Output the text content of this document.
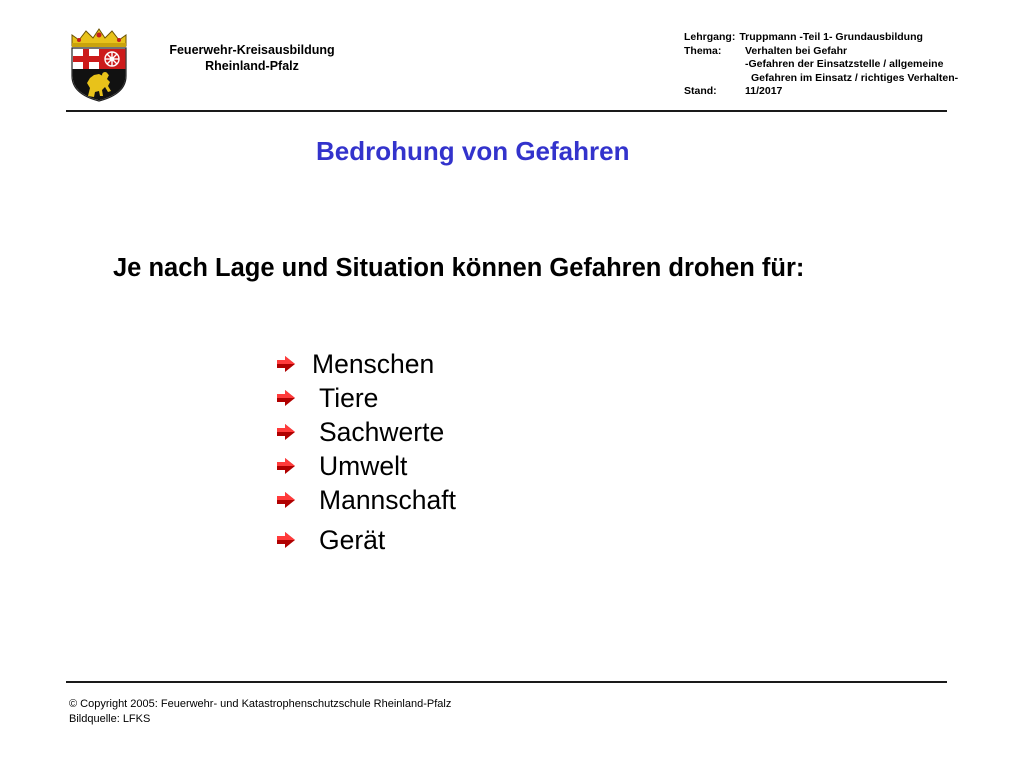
Feuerwehr-Kreisausbildung
Rheinland-Pfalz
Lehrgang: Truppmann -Teil 1- Grundausbildung
Thema:	Verhalten bei Gefahr
-Gefahren der Einsatzstelle / allgemeine
Gefahren im Einsatz / richtiges Verhalten-
Stand:	11/2017
Bedrohung von Gefahren
Je nach Lage und Situation können Gefahren drohen für:
Menschen
Tiere
Sachwerte
Umwelt
Mannschaft
Gerät
© Copyright 2005: Feuerwehr- und Katastrophenschutzschule Rheinland-Pfalz
Bildquelle: LFKS
